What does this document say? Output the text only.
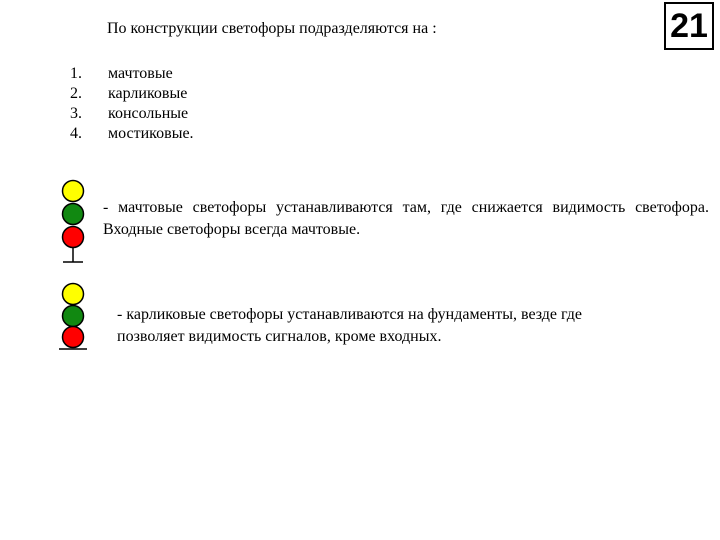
По конструкции светофоры подразделяются на :	21
1.	мачтовые
2.	карликовые
3.	консольные
4.	мостиковые.
- мачтовые светофоры устанавливаются там, где снижается видимость светофора. Входные светофоры всегда мачтовые.
- карликовые светофоры устанавливаются на фундаменты, везде где позволяет видимость сигналов, кроме входных.
